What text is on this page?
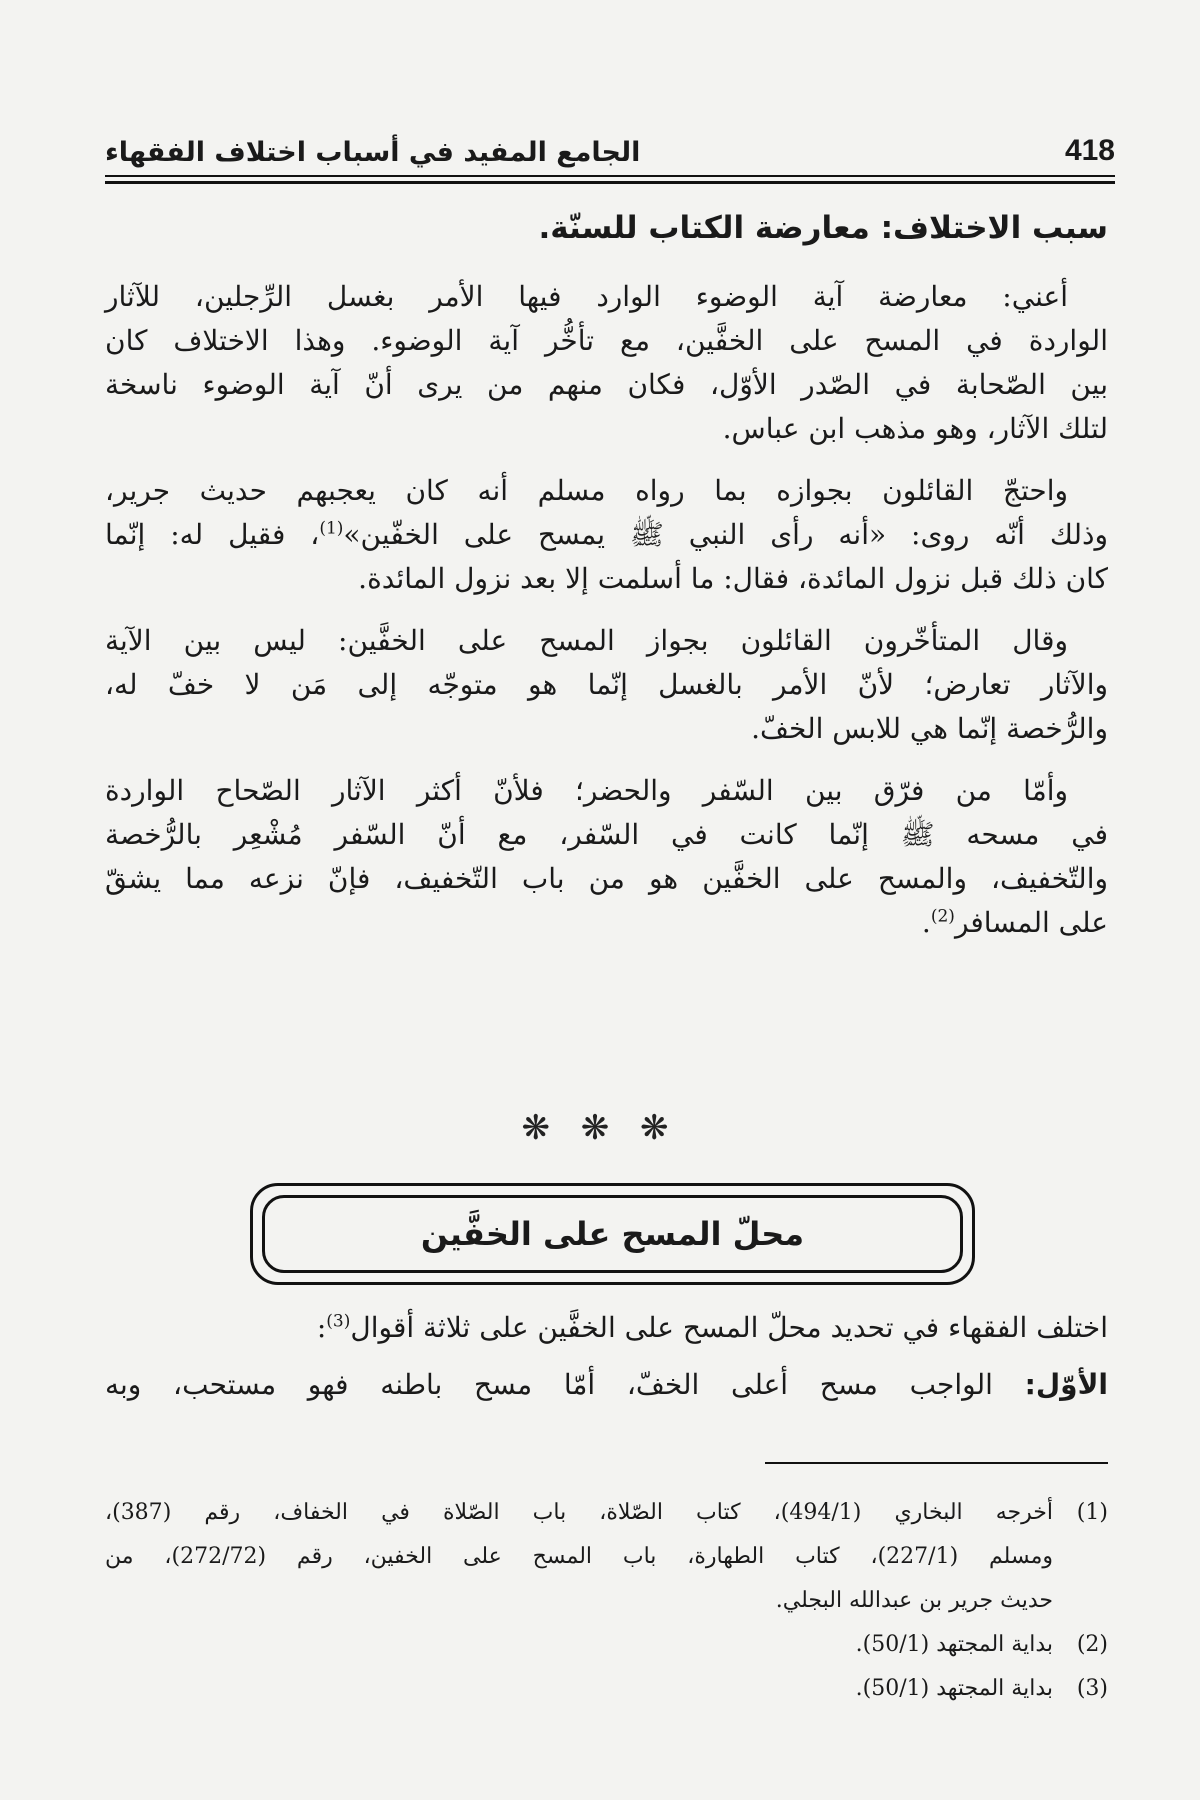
418
الجامع المفيد في أسباب اختلاف الفقهاء
سبب الاختلاف: معارضة الكتاب للسنّة.
أعني: معارضة آية الوضوء الوارد فيها الأمر بغسل الرِّجلين، للآثار
الواردة في المسح على الخفَّين، مع تأخُّر آية الوضوء. وهذا الاختلاف كان
بين الصّحابة في الصّدر الأوّل، فكان منهم من يرى أنّ آية الوضوء ناسخة
لتلك الآثار، وهو مذهب ابن عباس.
واحتجّ القائلون بجوازه بما رواه مسلم أنه كان يعجبهم حديث جرير،
وذلك أنّه روى: «أنه رأى النبي ﷺ يمسح على الخفّين»$^{(1)}$، فقيل له: إنّما
كان ذلك قبل نزول المائدة، فقال: ما أسلمت إلا بعد نزول المائدة.
وقال المتأخّرون القائلون بجواز المسح على الخفَّين: ليس بين الآية
والآثار تعارض؛ لأنّ الأمر بالغسل إنّما هو متوجّه إلى مَن لا خفّ له،
والرُّخصة إنّما هي للابس الخفّ.
وأمّا من فرّق بين السّفر والحضر؛ فلأنّ أكثر الآثار الصّحاح الواردة
في مسحه ﷺ إنّما كانت في السّفر، مع أنّ السّفر مُشْعِر بالرُّخصة
والتّخفيف، والمسح على الخفَّين هو من باب التّخفيف، فإنّ نزعه مما يشقّ
على المسافر$^{(2)}$.
❋ ❋ ❋
محلّ المسح على الخفَّين
اختلف الفقهاء في تحديد محلّ المسح على الخفَّين على ثلاثة أقوال$^{(3)}$:
الأوّل: الواجب مسح أعلى الخفّ، أمّا مسح باطنه فهو مستحب، وبه
(1)أخرجه البخاري (494/1)، كتاب الصّلاة، باب الصّلاة في الخفاف، رقم (387)،
ومسلم (227/1)، كتاب الطهارة، باب المسح على الخفين، رقم (272/72)، من
حديث جرير بن عبدالله البجلي.
(2)بداية المجتهد (50/1).
(3)بداية المجتهد (50/1).
